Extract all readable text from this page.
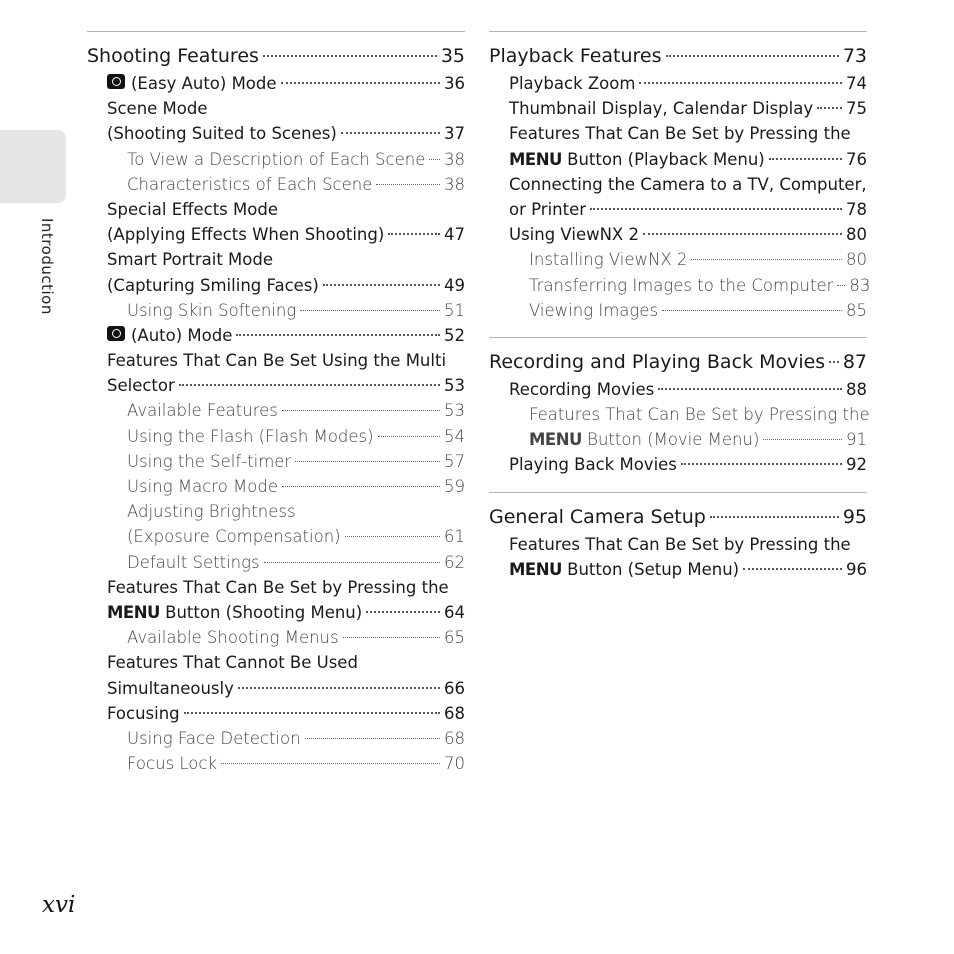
Introduction
Shooting Features	35
(Easy Auto) Mode	36
Scene Mode
(Shooting Suited to Scenes)	37
To View a Description of Each Scene 38
Characteristics of Each Scene	38
Special Effects Mode
(Applying Effects When Shooting)	47
Smart Portrait Mode
(Capturing Smiling Faces)	49
Using Skin Softening	51
(Auto) Mode	52
Features That Can Be Set Using the Multi
Selector	53
Available Features	53
Using the Flash (Flash Modes)	54
Using the Self-timer	57
Using Macro Mode	59
Adjusting Brightness
(Exposure Compensation)	61
Default Settings	62
Features That Can Be Set by Pressing the
MENU Button (Shooting Menu)	64
Available Shooting Menus	65
Features That Cannot Be Used
Simultaneously	66
Focusing	68
Using Face Detection	68
Focus Lock	70
Playback Features	73
Playback Zoom	74
Thumbnail Display, Calendar Display 75
Features That Can Be Set by Pressing the
MENU Button (Playback Menu)	76
Connecting the Camera to a TV, Computer,
or Printer	78
Using ViewNX 2	80
Installing ViewNX 2	80
Transferring Images to the Computer 83
Viewing Images	85
Recording and Playing Back Movies 87
Recording Movies	88
Features That Can Be Set by Pressing the
MENU Button (Movie Menu)	91
Playing Back Movies	92
General Camera Setup	95
Features That Can Be Set by Pressing the
MENU Button (Setup Menu)	96
xvi
